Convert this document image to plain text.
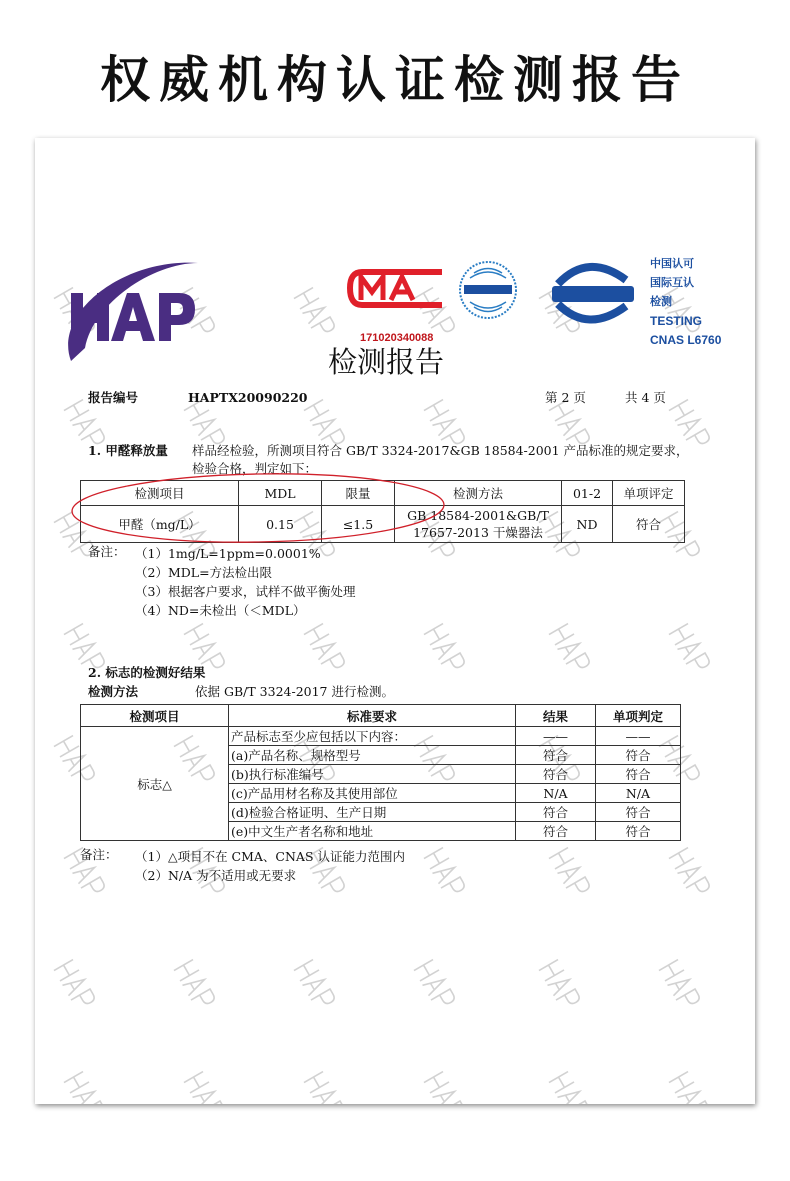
权威机构认证检测报告
中国认可
国际互认
检测
TESTING
CNAS L6760
171020340088
检测报告
报告编号	HAPTX20090220	第 2 页	共 4 页
1. 甲醛释放量 样品经检验，所测项目符合 GB/T 3324-2017&GB 18584-2001 产品标准的规定要求，
检验合格，判定如下：
检测项目	MDL	限量	检测方法	01-2	单项评定
甲醛（mg/L）	0.15	≤1.5	GB 18584-2001&GB/T
17657-2013 干燥器法	ND	符合
备注： （1）1mg/L=1ppm=0.0001%
（2）MDL=方法检出限
（3）根据客户要求，试样不做平衡处理
（4）ND=未检出（＜MDL）
2. 标志的检测好结果
检测方法	依据 GB/T 3324-2017 进行检测。
检测项目	标准要求	结果	单项判定
标志△	产品标志至少应包括以下内容：	——	——
	(a)产品名称、规格型号	符合	符合
	(b)执行标准编号	符合	符合
	(c)产品用材名称及其使用部位	N/A	N/A
	(d)检验合格证明、生产日期	符合	符合
	(e)中文生产者名称和地址	符合	符合
备注： （1）△项目不在 CMA、CNAS 认证能力范围内
（2）N/A 为不适用或无要求
